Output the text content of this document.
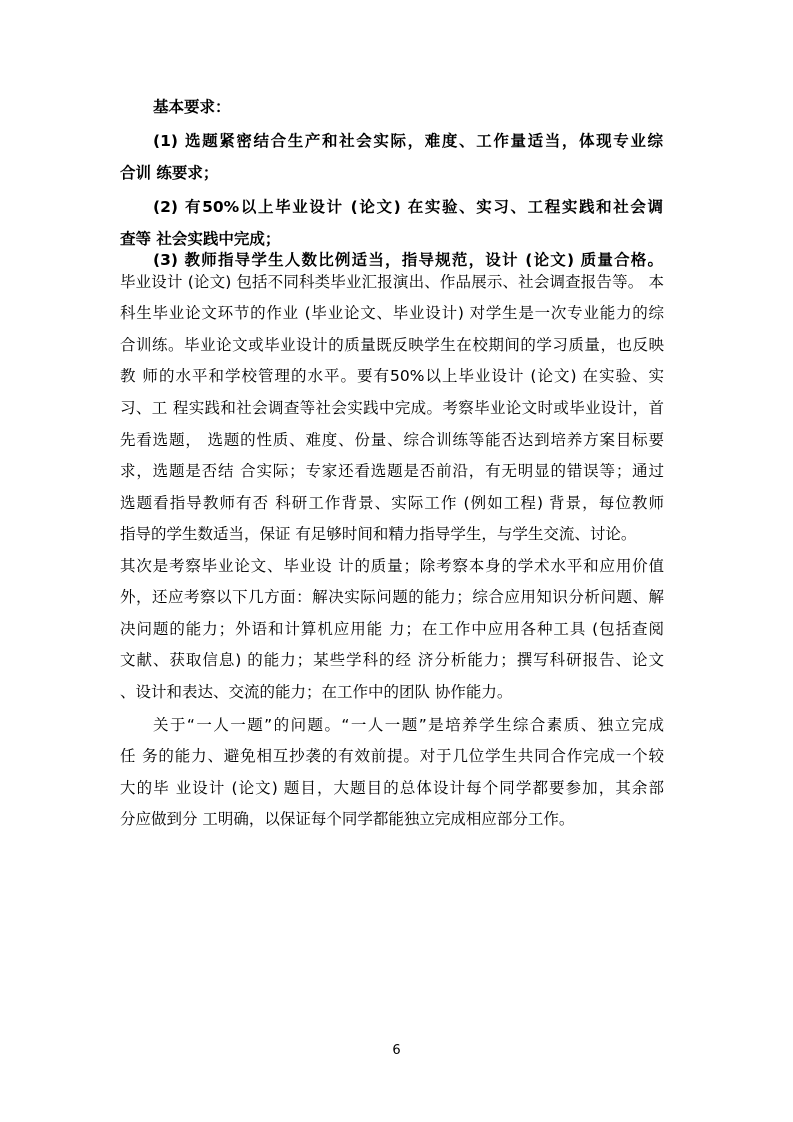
基本要求：
(1) 选题紧密结合生产和社会实际，难度、工作量适当，体现专业综
合训 练要求；
(2) 有50%以上毕业设计 (论文) 在实验、实习、工程实践和社会调
查等 社会实践中完成；
(3) 教师指导学生人数比例适当，指导规范，设计 (论文) 质量合格。
毕业设计 (论文) 包括不同科类毕业汇报演出、作品展示、社会调查报告等。 本
科生毕业论文环节的作业 (毕业论文、毕业设计) 对学生是一次专业能力的综
合训练。毕业论文或毕业设计的质量既反映学生在校期间的学习质量，也反映
教 师的水平和学校管理的水平。要有50%以上毕业设计 (论文) 在实验、实
习、工 程实践和社会调查等社会实践中完成。考察毕业论文时或毕业设计，首
先看选题， 选题的性质、难度、份量、综合训练等能否达到培养方案目标要
求，选题是否结 合实际；专家还看选题是否前沿，有无明显的错误等；通过
选题看指导教师有否 科研工作背景、实际工作 (例如工程) 背景，每位教师
指导的学生数适当，保证 有足够时间和精力指导学生，与学生交流、讨论。
其次是考察毕业论文、毕业设 计的质量；除考察本身的学术水平和应用价值
外，还应考察以下几方面：解决实际问题的能力；综合应用知识分析问题、解
决问题的能力；外语和计算机应用能 力；在工作中应用各种工具 (包括查阅
文献、获取信息) 的能力；某些学科的经 济分析能力；撰写科研报告、论文
、设计和表达、交流的能力；在工作中的团队 协作能力。
关于“一人一题”的问题。“一人一题”是培养学生综合素质、独立完成
任 务的能力、避免相互抄袭的有效前提。对于几位学生共同合作完成一个较
大的毕 业设计 (论文) 题目，大题目的总体设计每个同学都要参加，其余部
分应做到分 工明确，以保证每个同学都能独立完成相应部分工作。
6
